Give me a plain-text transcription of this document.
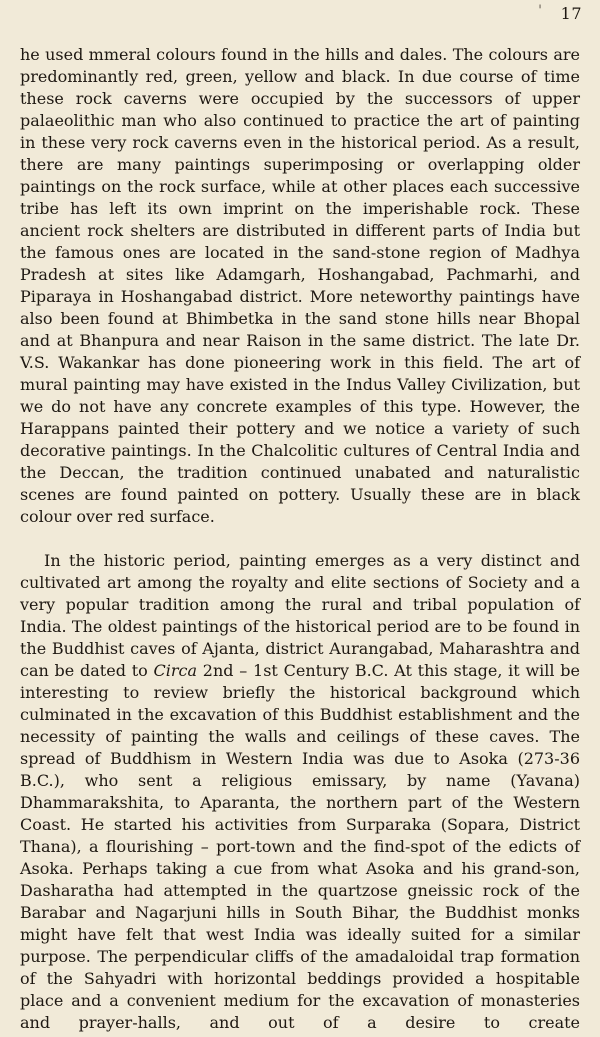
' 17

he used mmeral colours found in the hills and dales. The colours are predominantly red, green, yellow and black. In due course of time these rock caverns were occupied by the successors of upper palaeolithic man who also continued to practice the art of painting in these very rock caverns even in the historical period. As a result, there are many paintings superimposing or overlapping older paintings on the rock surface, while at other places each successive tribe has left its own imprint on the imperishable rock. These ancient rock shelters are distributed in different parts of India but the famous ones are located in the sand-stone region of Madhya Pradesh at sites like Adamgarh, Hoshangabad, Pachmarhi, and Piparaya in Hoshangabad district. More neteworthy paintings have also been found at Bhimbetka in the sand stone hills near Bhopal and at Bhanpura and near Raison in the same district. The late Dr. V.S. Wakankar has done pioneering work in this field. The art of mural painting may have existed in the Indus Valley Civilization, but we do not have any concrete examples of this type. However, the Harappans painted their pottery and we notice a variety of such decorative paintings. In the Chalcolitic cultures of Central India and the Deccan, the tradition continued unabated and naturalistic scenes are found painted on pottery. Usually these are in black colour over red surface.

In the historic period, painting emerges as a very distinct and cultivated art among the royalty and elite sections of Society and a very popular tradition among the rural and tribal population of India. The oldest paintings of the historical period are to be found in the Buddhist caves of Ajanta, district Aurangabad, Maharashtra and can be dated to Circa 2nd – 1st Century B.C. At this stage, it will be interesting to review briefly the historical background which culminated in the excavation of this Buddhist establishment and the necessity of painting the walls and ceilings of these caves. The spread of Buddhism in Western India was due to Asoka (273-36 B.C.), who sent a religious emissary, by name (Yavana) Dhammarakshita, to Aparanta, the northern part of the Western Coast. He started his activities from Surparaka (Sopara, District Thana), a flourishing – port-town and the find-spot of the edicts of Asoka. Perhaps taking a cue from what Asoka and his grand-son, Dasharatha had attempted in the quartzose gneissic rock of the Barabar and Nagarjuni hills in South Bihar, the Buddhist monks might have felt that west India was ideally suited for a similar purpose. The perpendicular cliffs of the amadaloidal trap formation of the Sahyadri with horizontal beddings provided a hospitable place and a convenient medium for the excavation of monasteries and prayer-halls, and out of a desire to create
